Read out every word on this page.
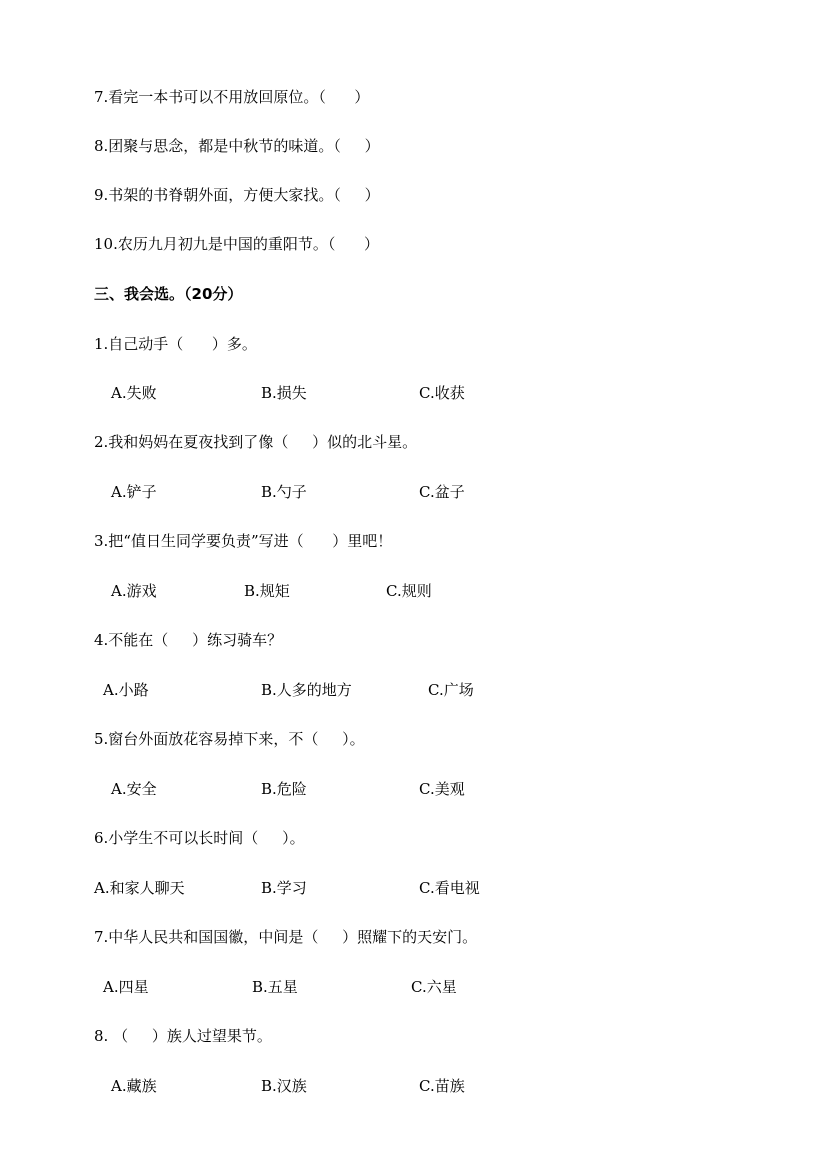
7.看完一本书可以不用放回原位。（      ）
8.团聚与思念，都是中秋节的味道。（     ）
9.书架的书脊朝外面，方便大家找。（     ）
10.农历九月初九是中国的重阳节。（      ）
三、我会选。（20分）
1.自己动手（      ）多。
A.失败	B.损失	C.收获
2.我和妈妈在夏夜找到了像（     ）似的北斗星。
A.铲子	B.勺子	C.盆子
3.把“值日生同学要负责”写进（      ）里吧！
A.游戏	B.规矩	C.规则
4.不能在（     ）练习骑车？
A.小路	B.人多的地方	C.广场
5.窗台外面放花容易掉下来，不（     ）。
A.安全	B.危险	C.美观
6.小学生不可以长时间（     ）。
A.和家人聊天	B.学习	C.看电视
7.中华人民共和国国徽，中间是（     ）照耀下的天安门。
A.四星	B.五星	C.六星
8. （     ）族人过望果节。
A.藏族	B.汉族	C.苗族
